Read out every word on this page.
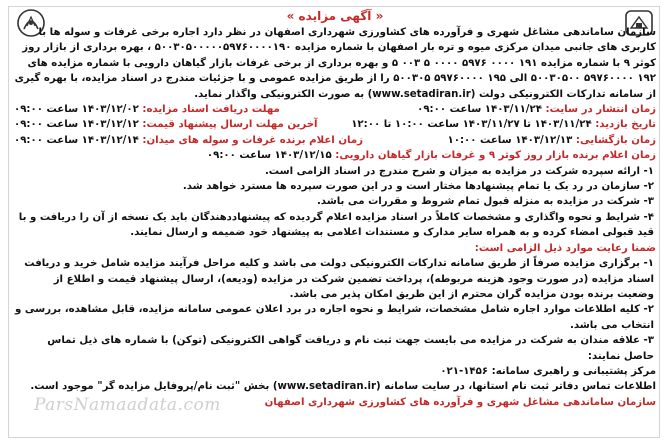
ParsNamaadata.com
« آگهی مزایده »

سازمان ساماندهی مشاغل شهری و فرآورده های کشاورزی شهرداری اصفهان در نظر دارد اجاره برخی غرفات و سوله ها با کاربری های جانبی میدان مرکزی میوه و تره بار اصفهان با شماره مزایده ۵۰۰۳۰۵۰۰۰۰۰۵۹۷۶۰۰۰۰۱۹۰ ، بهره برداری از بازار روز کوثر ۹ با شماره مزایده ۱۹۱ ۰۰۰۰ ۵۹۷۶ ۰۰۰۰ ۵ ۰۰۳ ۵ و بهره برداری از برخی غرفات بازار گیاهان دارویی با شماره مزایده های ۱۹۲ ۵۹۷۶۰۰۰۰ ۵۰۰۳۰۵۰۰ الی ۱۹۵ ۵۹۷۶۰۰۰۰ ۵۰۰۳۰۵ را از طریق مزایده عمومی و با جزئیات مندرج در اسناد مزایده، با بهره گیری از سامانه تدارکات الکترونیکی دولت (www.setadiran.ir) به صورت الکترونیکی واگذار نماید.

زمان انتشار در سایت: ۱۴۰۳/۱۱/۲۴ ساعت ۰۹:۰۰
مهلت دریافت اسناد مزایده: ۱۴۰۳/۱۲/۰۲ ساعت ۰۹:۰۰
تاریخ بازدید: ۱۴۰۳/۱۱/۲۴ تا ۱۴۰۳/۱۱/۲۷ ساعت ۱۰:۰۰ تا ۱۲:۰۰
آخرین مهلت ارسال پیشنهاد قیمت: ۱۴۰۳/۱۲/۱۲ ساعت ۰۹:۰۰
زمان بازگشایی: ۱۴۰۳/۱۲/۱۳ ساعت ۱۰:۰۰
زمان اعلام برنده غرفات و سوله های میدان: ۱۴۰۳/۱۲/۱۴ ساعت ۰۹:۰۰

زمان اعلام برنده بازار روز کوثر ۹ و غرفات بازار گیاهان دارویی: ۱۴۰۳/۱۲/۱۵ ساعت ۰۹:۰۰

۱- ارائه سپرده شرکت در مزایده به میزان و شرح مندرج در اسناد الزامی است.

۲- سازمان در رد یک یا تمام پیشنهادها مختار است و در این صورت سپرده ها مسترد خواهد شد.

۳- شرکت در مزایده به منزله قبول تمام شروط و مقررات می باشد.

۴- شرایط و نحوه واگذاری و مشخصات کاملاً در اسناد مزایده اعلام گردیده که پیشنهاددهندگان باید یک نسخه از آن را دریافت و با قید قبولی امضاء کرده و به همراه سایر مدارک و مستندات اعلامی به پیشنهاد خود ضمیمه و ارسال نمایند.

ضمنا رعایت موارد ذیل الزامی است:

۱- برگزاری مزایده صرفاً از طریق سامانه تدارکات الکترونیکی دولت می باشد و کلیه مراحل فرآیند مزایده شامل خرید و دریافت اسناد مزایده (در صورت وجود هزینه مربوطه)، پرداخت تضمین شرکت در مزایده (ودیعه)، ارسال پیشنهاد قیمت و اطلاع از وضعیت برنده بودن مزایده گران محترم از این طریق امکان پذیر می باشد.

۲- کلیه اطلاعات موارد اجاره شامل مشخصات، شرایط و نحوه اجاره در برد اعلان عمومی سامانه مزایده، قابل مشاهده، بررسی و انتخاب می باشد.

۳- علاقه مندان به شرکت در مزایده می بایست جهت ثبت نام و دریافت گواهی الکترونیکی (توکن) با شماره های ذیل تماس حاصل نمایند:

مرکز پشتیبانی و راهبری سامانه: ۱۴۵۶-۰۲۱

اطلاعات تماس دفاتر ثبت نام استانها، در سایت سامانه (www.setadiran.ir) بخش "ثبت نام/پروفایل مزایده گر" موجود است.

سازمان ساماندهی مشاغل شهری و فرآورده های کشاورزی شهرداری اصفهان
